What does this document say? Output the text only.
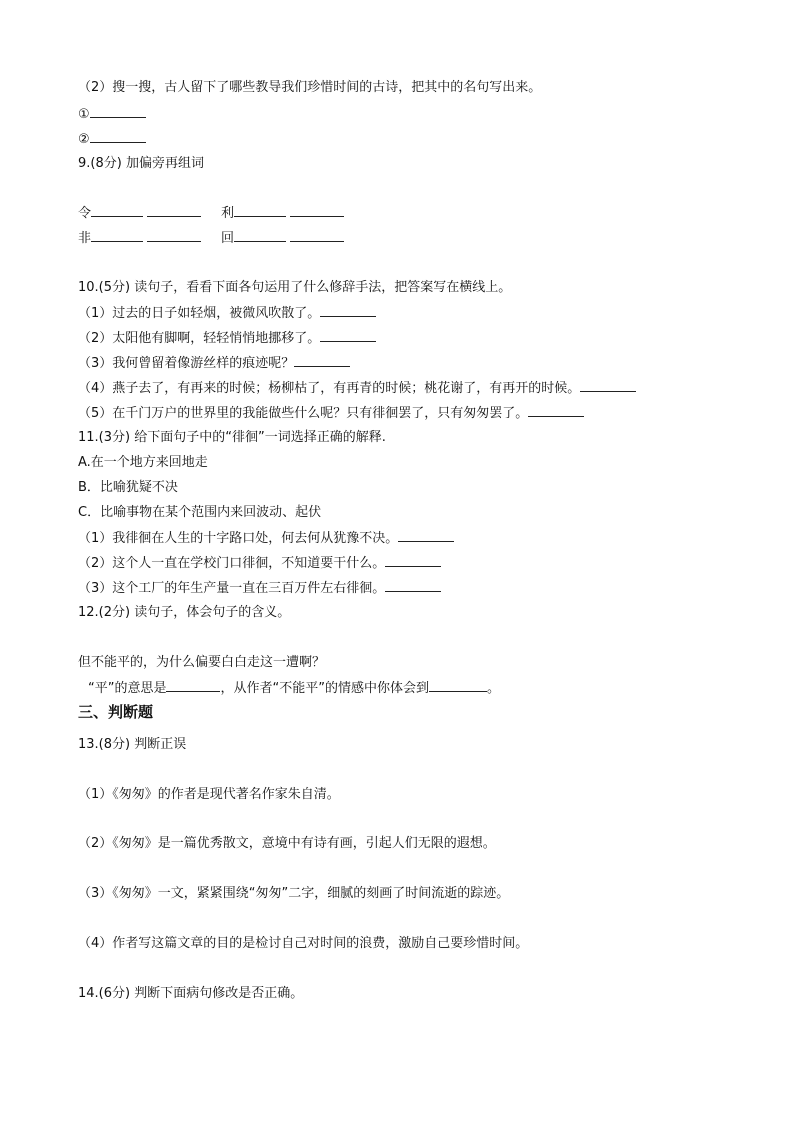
（2）搜一搜，古人留下了哪些教导我们珍惜时间的古诗，把其中的名句写出来。
①
②
9.(8分) 加偏旁再组词
令	利
非	回
10.(5分) 读句子，看看下面各句运用了什么修辞手法，把答案写在横线上。
（1）过去的日子如轻烟，被微风吹散了。
（2）太阳他有脚啊，轻轻悄悄地挪移了。
（3）我何曾留着像游丝样的痕迹呢？
（4）燕子去了，有再来的时候；杨柳枯了，有再青的时候；桃花谢了，有再开的时候。
（5）在千门万户的世界里的我能做些什么呢？只有徘徊罢了，只有匆匆罢了。
11.(3分) 给下面句子中的“徘徊”一词选择正确的解释.
A.在一个地方来回地走
B．比喻犹疑不决
C．比喻事物在某个范围内来回波动、起伏
（1）我徘徊在人生的十字路口处，何去何从犹豫不决。
（2）这个人一直在学校门口徘徊，不知道要干什么。
（3）这个工厂的年生产量一直在三百万件左右徘徊。
12.(2分) 读句子，体会句子的含义。
但不能平的，为什么偏要白白走这一遭啊？
“平”的意思是	，从作者“不能平”的情感中你体会到	。
三、判断题
13.(8分) 判断正误
（1）《匆匆》的作者是现代著名作家朱自清。
（2）《匆匆》是一篇优秀散文，意境中有诗有画，引起人们无限的遐想。
（3）《匆匆》一文，紧紧围绕“匆匆”二字，细腻的刻画了时间流逝的踪迹。
（4）作者写这篇文章的目的是检讨自己对时间的浪费，激励自己要珍惜时间。
14.(6分) 判断下面病句修改是否正确。
